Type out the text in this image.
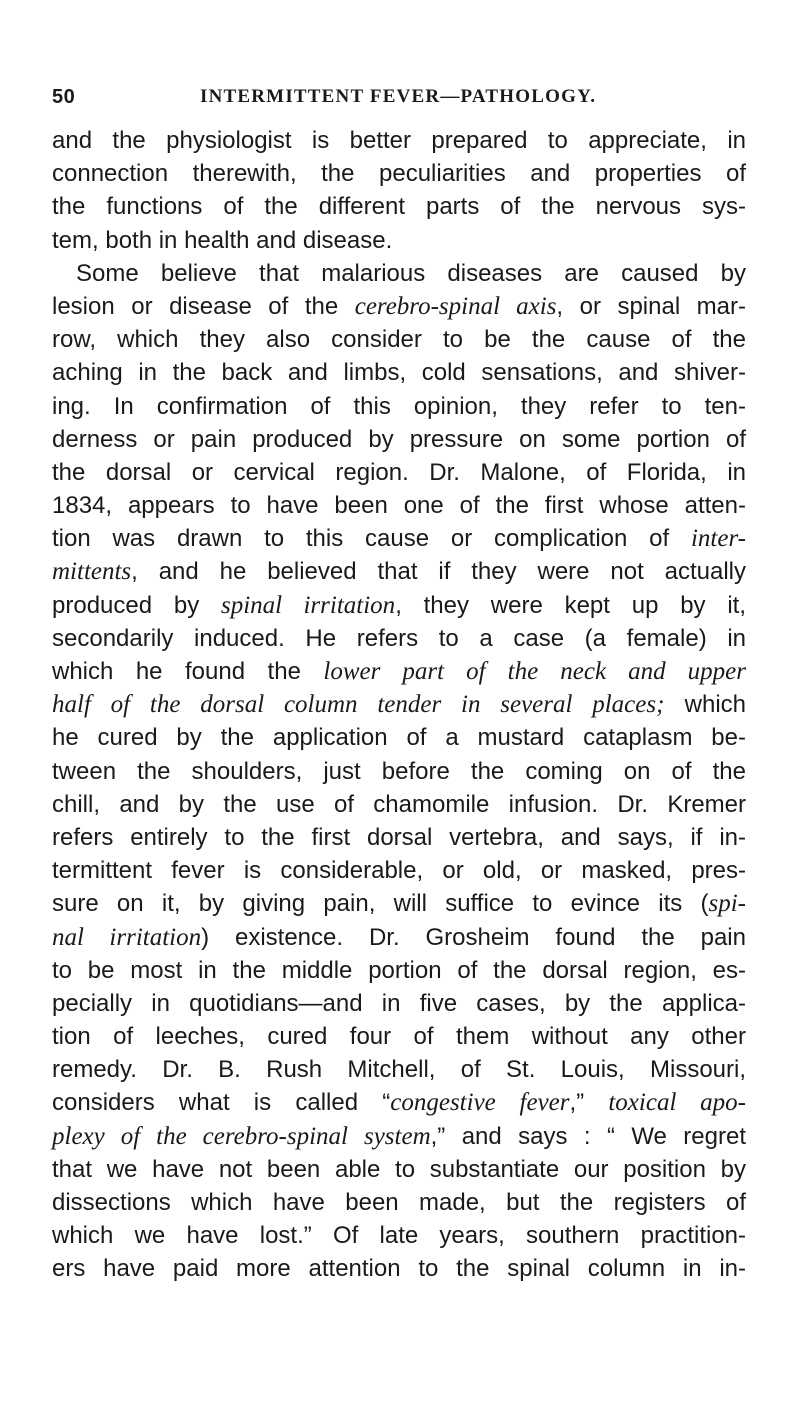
50	INTERMITTENT FEVER—PATHOLOGY.
and the physiologist is better prepared to appreciate, in
connection therewith, the peculiarities and properties of
the functions of the different parts of the nervous sys-
tem, both in health and disease.
Some believe that malarious diseases are caused by
lesion or disease of the cerebro-spinal axis, or spinal mar-
row, which they also consider to be the cause of the
aching in the back and limbs, cold sensations, and shiver-
ing. In confirmation of this opinion, they refer to ten-
derness or pain produced by pressure on some portion of
the dorsal or cervical region. Dr. Malone, of Florida, in
1834, appears to have been one of the first whose atten-
tion was drawn to this cause or complication of inter-
mittents, and he believed that if they were not actually
produced by spinal irritation, they were kept up by it,
secondarily induced. He refers to a case (a female) in
which he found the lower part of the neck and upper
half of the dorsal column tender in several places; which
he cured by the application of a mustard cataplasm be-
tween the shoulders, just before the coming on of the
chill, and by the use of chamomile infusion. Dr. Kremer
refers entirely to the first dorsal vertebra, and says, if in-
termittent fever is considerable, or old, or masked, pres-
sure on it, by giving pain, will suffice to evince its (spi-
nal irritation) existence. Dr. Grosheim found the pain
to be most in the middle portion of the dorsal region, es-
pecially in quotidians—and in five cases, by the applica-
tion of leeches, cured four of them without any other
remedy. Dr. B. Rush Mitchell, of St. Louis, Missouri,
considers what is called “congestive fever,” toxical apo-
plexy of the cerebro-spinal system,” and says : “ We regret
that we have not been able to substantiate our position by
dissections which have been made, but the registers of
which we have lost.” Of late years, southern practition-
ers have paid more attention to the spinal column in in-
